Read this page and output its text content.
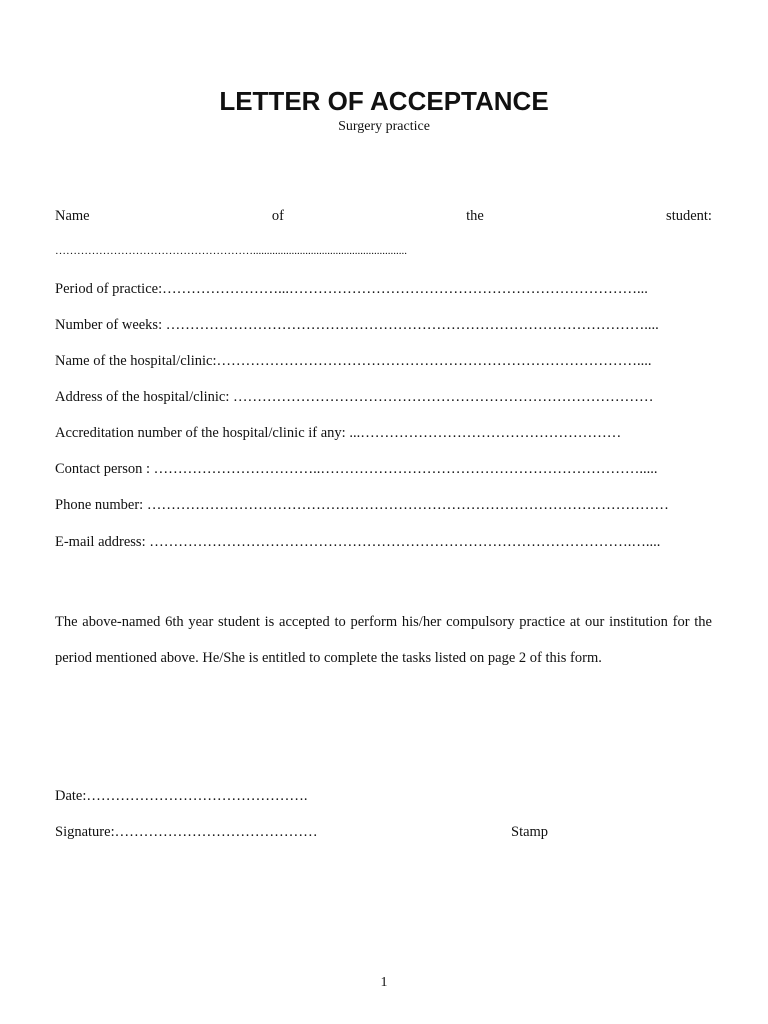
LETTER OF ACCEPTANCE
Surgery practice
Name	of	the	student:
………………………………………………........................................................
Period of practice:……………………...………………………………………………………………...
Number of weeks: ………………………………………………………………………………………....
Name of the hospital/clinic:……………………………………………………………………………....
Address of the hospital/clinic: ……………………………………………………………………………
Accreditation number of the hospital/clinic if any: ...………………………………………………
Contact person : ……………………………..………………………………………………………….....
Phone number: ………………………………………………………………………………………………
E-mail address: ……………………………………………………………………………………….…....
The above-named 6th year student is accepted to perform his/her compulsory practice at our institution for the period mentioned above. He/She is entitled to complete the tasks listed on page 2 of this form.
Date:……………………………………….
Signature:……………………………………	Stamp
1
